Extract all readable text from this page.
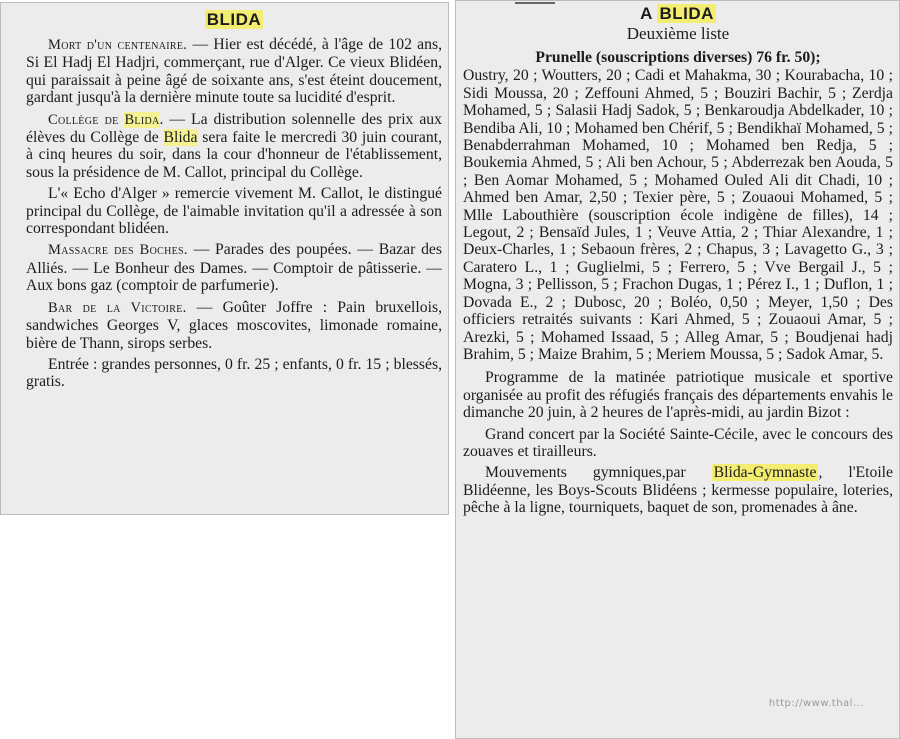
BLIDA

Mort d'un centenaire. — Hier est décédé, à l'âge de 102 ans, Si El Hadj El Hadjri, commerçant, rue d'Alger. Ce vieux Blidéen, qui paraissait à peine âgé de soixante ans, s'est éteint doucement, gardant jusqu'à la dernière minute toute sa lucidité d'esprit.

Collège de Blida. — La distribution solennelle des prix aux élèves du Collège de Blida sera faite le mercredi 30 juin courant, à cinq heures du soir, dans la cour d'honneur de l'établissement, sous la présidence de M. Callot, principal du Collège.

L'« Echo d'Alger » remercie vivement M. Callot, le distingué principal du Collège, de l'aimable invitation qu'il a adressée à son correspondant blidéen.

Massacre des Boches. — Parades des poupées. — Bazar des Alliés. — Le Bonheur des Dames. — Comptoir de pâtisserie. — Aux bons gaz (comptoir de parfumerie).

Bar de la Victoire. — Goûter Joffre : Pain bruxellois, sandwiches Georges V, glaces moscovites, limonade romaine, bière de Thann, sirops serbes.

Entrée : grandes personnes, 0 fr. 25 ; enfants, 0 fr. 15 ; blessés, gratis.

A BLIDA
Deuxième liste

Prunelle (souscriptions diverses) 76 fr. 50);
Oustry, 20 ; Woutters, 20 ; Cadi et Mahakma, 30 ; Kourabacha, 10 ; Sidi Moussa, 20 ; Zeffouni Ahmed, 5 ; Bouziri Bachir, 5 ; Zerdja Mohamed, 5 ; Salasii Hadj Sadok, 5 ; Benkaroudja Abdelkader, 10 ; Bendiba Ali, 10 ; Mohamed ben Chérif, 5 ; Bendikhaï Mohamed, 5 ; Benabderrahman Mohamed, 10 ; Mohamed ben Redja, 5 ; Boukemia Ahmed, 5 ; Ali ben Achour, 5 ; Abderrezak ben Aouda, 5 ; Ben Aomar Mohamed, 5 ; Mohamed Ouled Ali dit Chadi, 10 ; Ahmed ben Amar, 2,50 ; Texier père, 5 ; Zouaoui Mohamed, 5 ; Mlle Labouthière (souscription école indigène de filles), 14 ; Legout, 2 ; Bensaïd Jules, 1 ; Veuve Attia, 2 ; Thiar Alexandre, 1 ; Deux-Charles, 1 ; Sebaoun frères, 2 ; Chapus, 3 ; Lavagetto G., 3 ; Caratero L., 1 ; Guglielmi, 5 ; Ferrero, 5 ; Vve Bergail J., 5 ; Mogna, 3 ; Pellisson, 5 ; Frachon Dugas, 1 ; Pérez I., 1 ; Duflon, 1 ; Dovada E., 2 ; Dubosc, 20 ; Boléo, 0,50 ; Meyer, 1,50 ; Des officiers retraités suivants : Kari Ahmed, 5 ; Zouaoui Amar, 5 ; Arezki, 5 ; Mohamed Issaad, 5 ; Alleg Amar, 5 ; Boudjenai hadj Brahim, 5 ; Maize Brahim, 5 ; Meriem Moussa, 5 ; Sadok Amar, 5.

Programme de la matinée patriotique musicale et sportive organisée au profit des réfugiés français des départements envahis le dimanche 20 juin, à 2 heures de l'après-midi, au jardin Bizot :

Grand concert par la Société Sainte-Cécile, avec le concours des zouaves et tirailleurs.

Mouvements gymniques,par Blida-Gymnaste , l'Etoile Blidéenne, les Boys-Scouts Blidéens ; kermesse populaire, loteries, pêche à la ligne, tourniquets, baquet de son, promenades à âne.

http://www.thal...
